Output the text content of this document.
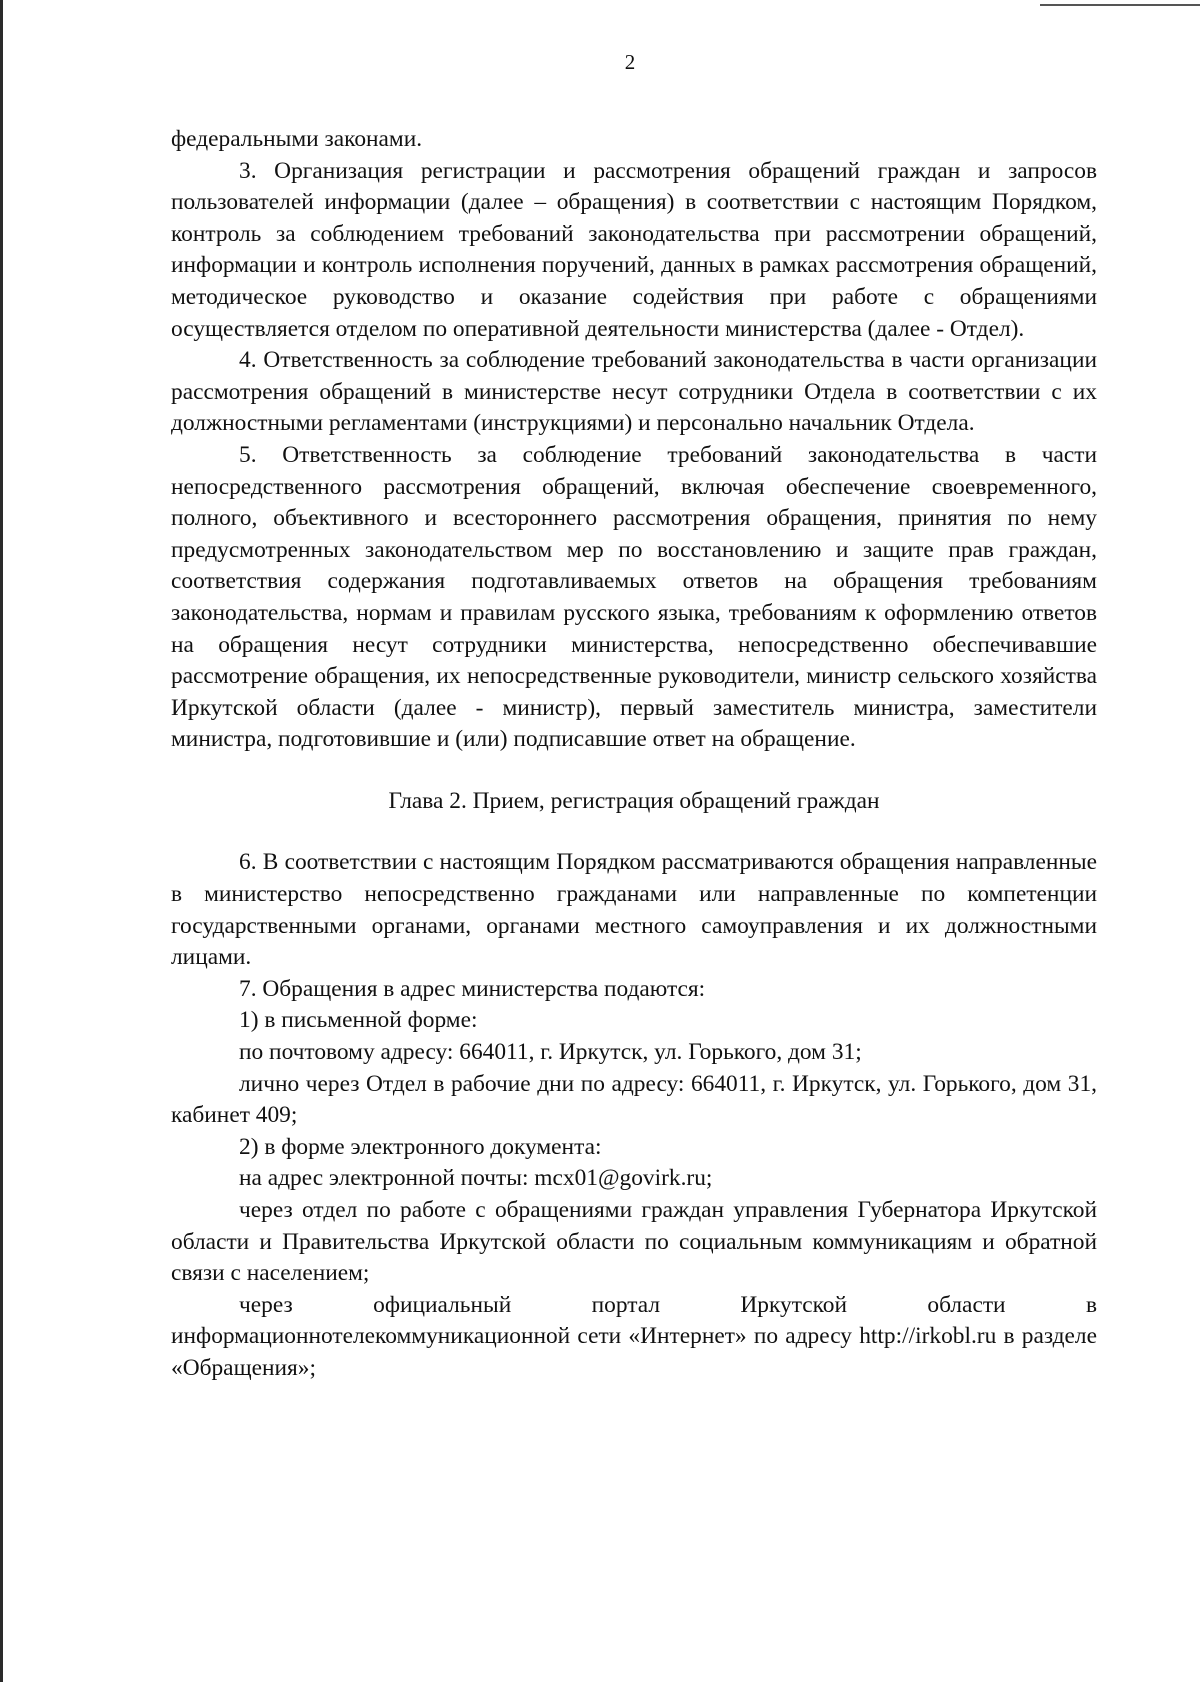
2

федеральными законами.

3. Организация регистрации и рассмотрения обращений граждан и запросов пользователей информации (далее – обращения) в соответствии с настоящим Порядком, контроль за соблюдением требований законодательства при рассмотрении обращений, информации и контроль исполнения поручений, данных в рамках рассмотрения обращений, методическое руководство и оказание содействия при работе с обращениями осуществляется отделом по оперативной деятельности министерства (далее - Отдел).

4. Ответственность за соблюдение требований законодательства в части организации рассмотрения обращений в министерстве несут сотрудники Отдела в соответствии с их должностными регламентами (инструкциями) и персонально начальник Отдела.

5. Ответственность за соблюдение требований законодательства в части непосредственного рассмотрения обращений, включая обеспечение своевременного, полного, объективного и всестороннего рассмотрения обращения, принятия по нему предусмотренных законодательством мер по восстановлению и защите прав граждан, соответствия содержания подготавливаемых ответов на обращения требованиям законодательства, нормам и правилам русского языка, требованиям к оформлению ответов на обращения несут сотрудники министерства, непосредственно обеспечивавшие рассмотрение обращения, их непосредственные руководители, министр сельского хозяйства Иркутской области (далее - министр), первый заместитель министра, заместители министра, подготовившие и (или) подписавшие ответ на обращение.

Глава 2. Прием, регистрация обращений граждан

6. В соответствии с настоящим Порядком рассматриваются обращения направленные в министерство непосредственно гражданами или направленные по компетенции государственными органами, органами местного самоуправления и их должностными лицами.

7. Обращения в адрес министерства подаются:

1) в письменной форме:

по почтовому адресу: 664011, г. Иркутск, ул. Горького, дом 31;

лично через Отдел в рабочие дни по адресу: 664011, г. Иркутск, ул. Горького, дом 31, кабинет 409;

2) в форме электронного документа:

на адрес электронной почты: mcx01@govirk.ru;

через отдел по работе с обращениями граждан управления Губернатора Иркутской области и Правительства Иркутской области по социальным коммуникациям и обратной связи с населением;

через официальный портал Иркутской области в информационнотелекоммуникационной сети «Интернет» по адресу http://irkobl.ru в разделе «Обращения»;
